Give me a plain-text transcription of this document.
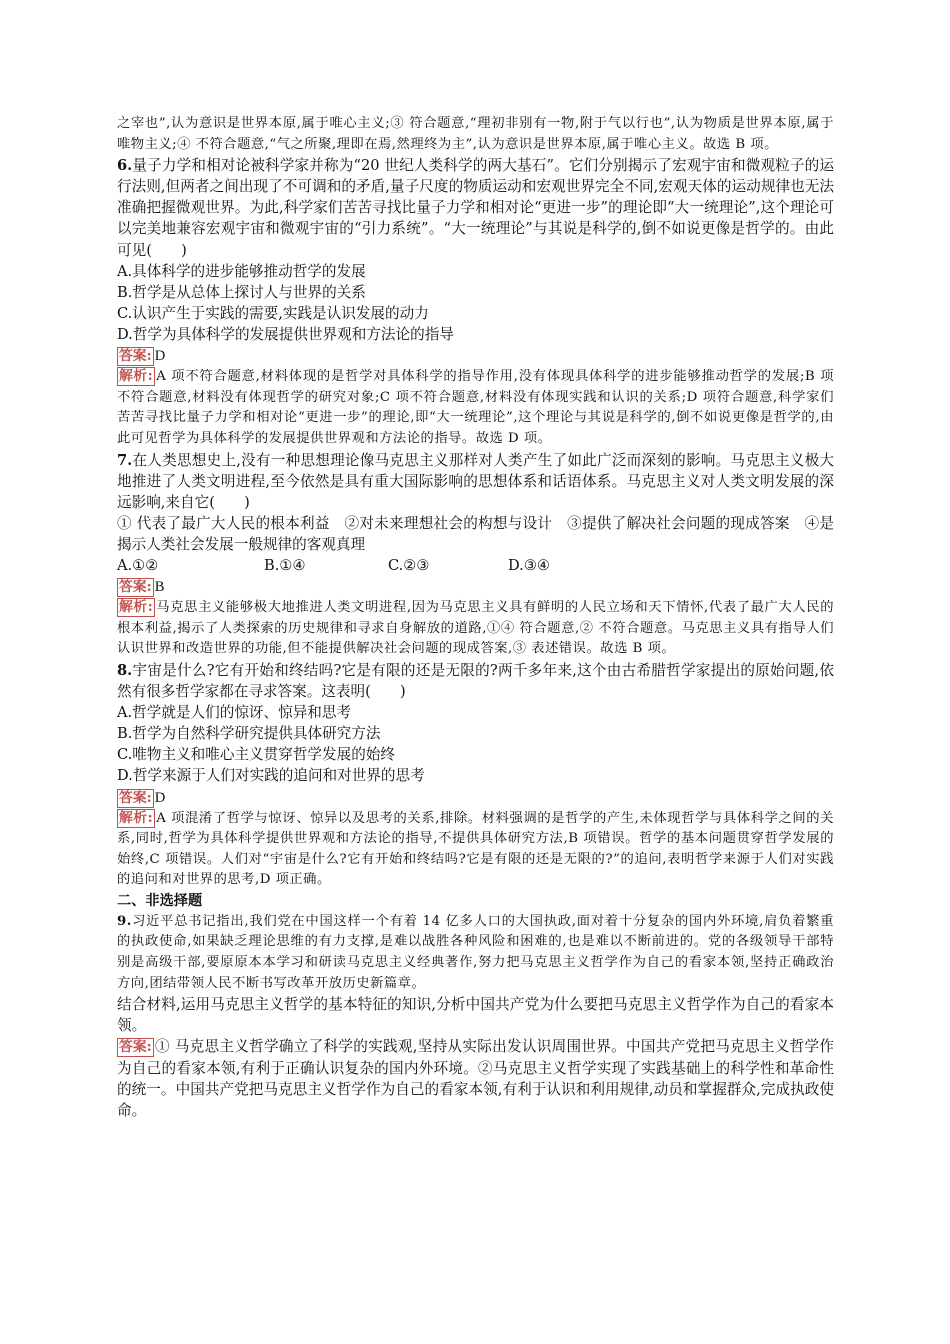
之宰也”,认为意识是世界本原,属于唯心主义;③ 符合题意,“理初非别有一物,附于气以行也”,认为物质是世界本原,属于唯物主义;④ 不符合题意,“气之所聚,理即在焉,然理终为主”,认为意识是世界本原,属于唯心主义。故选 B 项。

6.量子力学和相对论被科学家并称为“20 世纪人类科学的两大基石”。它们分别揭示了宏观宇宙和微观粒子的运行法则,但两者之间出现了不可调和的矛盾,量子尺度的物质运动和宏观世界完全不同,宏观天体的运动规律也无法准确把握微观世界。为此,科学家们苦苦寻找比量子力学和相对论“更进一步”的理论即“大一统理论”,这个理论可以完美地兼容宏观宇宙和微观宇宙的“引力系统”。“大一统理论”与其说是科学的,倒不如说更像是哲学的。由此可见(　　)

A.具体科学的进步能够推动哲学的发展

B.哲学是从总体上探讨人与世界的关系

C.认识产生于实践的需要,实践是认识发展的动力

D.哲学为具体科学的发展提供世界观和方法论的指导

答案: D

解析: A 项不符合题意,材料体现的是哲学对具体科学的指导作用,没有体现具体科学的进步能够推动哲学的发展;B 项不符合题意,材料没有体现哲学的研究对象;C 项不符合题意,材料没有体现实践和认识的关系;D 项符合题意,科学家们苦苦寻找比量子力学和相对论“更进一步”的理论,即“大一统理论”,这个理论与其说是科学的,倒不如说更像是哲学的,由此可见哲学为具体科学的发展提供世界观和方法论的指导。故选 D 项。

7.在人类思想史上,没有一种思想理论像马克思主义那样对人类产生了如此广泛而深刻的影响。马克思主义极大地推进了人类文明进程,至今依然是具有重大国际影响的思想体系和话语体系。马克思主义对人类文明发展的深远影响,来自它(　　)

① 代表了最广大人民的根本利益　②对未来理想社会的构想与设计　③提供了解决社会问题的现成答案　④是揭示人类社会发展一般规律的客观真理

A.①②	B.①④	C.②③	D.③④

答案: B

解析: 马克思主义能够极大地推进人类文明进程,因为马克思主义具有鲜明的人民立场和天下情怀,代表了最广大人民的根本利益,揭示了人类探索的历史规律和寻求自身解放的道路,①④ 符合题意,② 不符合题意。马克思主义具有指导人们认识世界和改造世界的功能,但不能提供解决社会问题的现成答案,③ 表述错误。故选 B 项。

8.宇宙是什么?它有开始和终结吗?它是有限的还是无限的?两千多年来,这个由古希腊哲学家提出的原始问题,依然有很多哲学家都在寻求答案。这表明(　　)

A.哲学就是人们的惊讶、惊异和思考

B.哲学为自然科学研究提供具体研究方法

C.唯物主义和唯心主义贯穿哲学发展的始终

D.哲学来源于人们对实践的追问和对世界的思考

答案: D

解析: A 项混淆了哲学与惊讶、惊异以及思考的关系,排除。材料强调的是哲学的产生,未体现哲学与具体科学之间的关系,同时,哲学为具体科学提供世界观和方法论的指导,不提供具体研究方法,B 项错误。哲学的基本问题贯穿哲学发展的始终,C 项错误。人们对“宇宙是什么?它有开始和终结吗?它是有限的还是无限的?”的追问,表明哲学来源于人们对实践的追问和对世界的思考,D 项正确。

二、非选择题

9.习近平总书记指出,我们党在中国这样一个有着 14 亿多人口的大国执政,面对着十分复杂的国内外环境,肩负着繁重的执政使命,如果缺乏理论思维的有力支撑,是难以战胜各种风险和困难的,也是难以不断前进的。党的各级领导干部特别是高级干部,要原原本本学习和研读马克思主义经典著作,努力把马克思主义哲学作为自己的看家本领,坚持正确政治方向,团结带领人民不断书写改革开放历史新篇章。

结合材料,运用马克思主义哲学的基本特征的知识,分析中国共产党为什么要把马克思主义哲学作为自己的看家本领。

答案: ① 马克思主义哲学确立了科学的实践观,坚持从实际出发认识周围世界。中国共产党把马克思主义哲学作为自己的看家本领,有利于正确认识复杂的国内外环境。②马克思主义哲学实现了实践基础上的科学性和革命性的统一。中国共产党把马克思主义哲学作为自己的看家本领,有利于认识和利用规律,动员和掌握群众,完成执政使命。
